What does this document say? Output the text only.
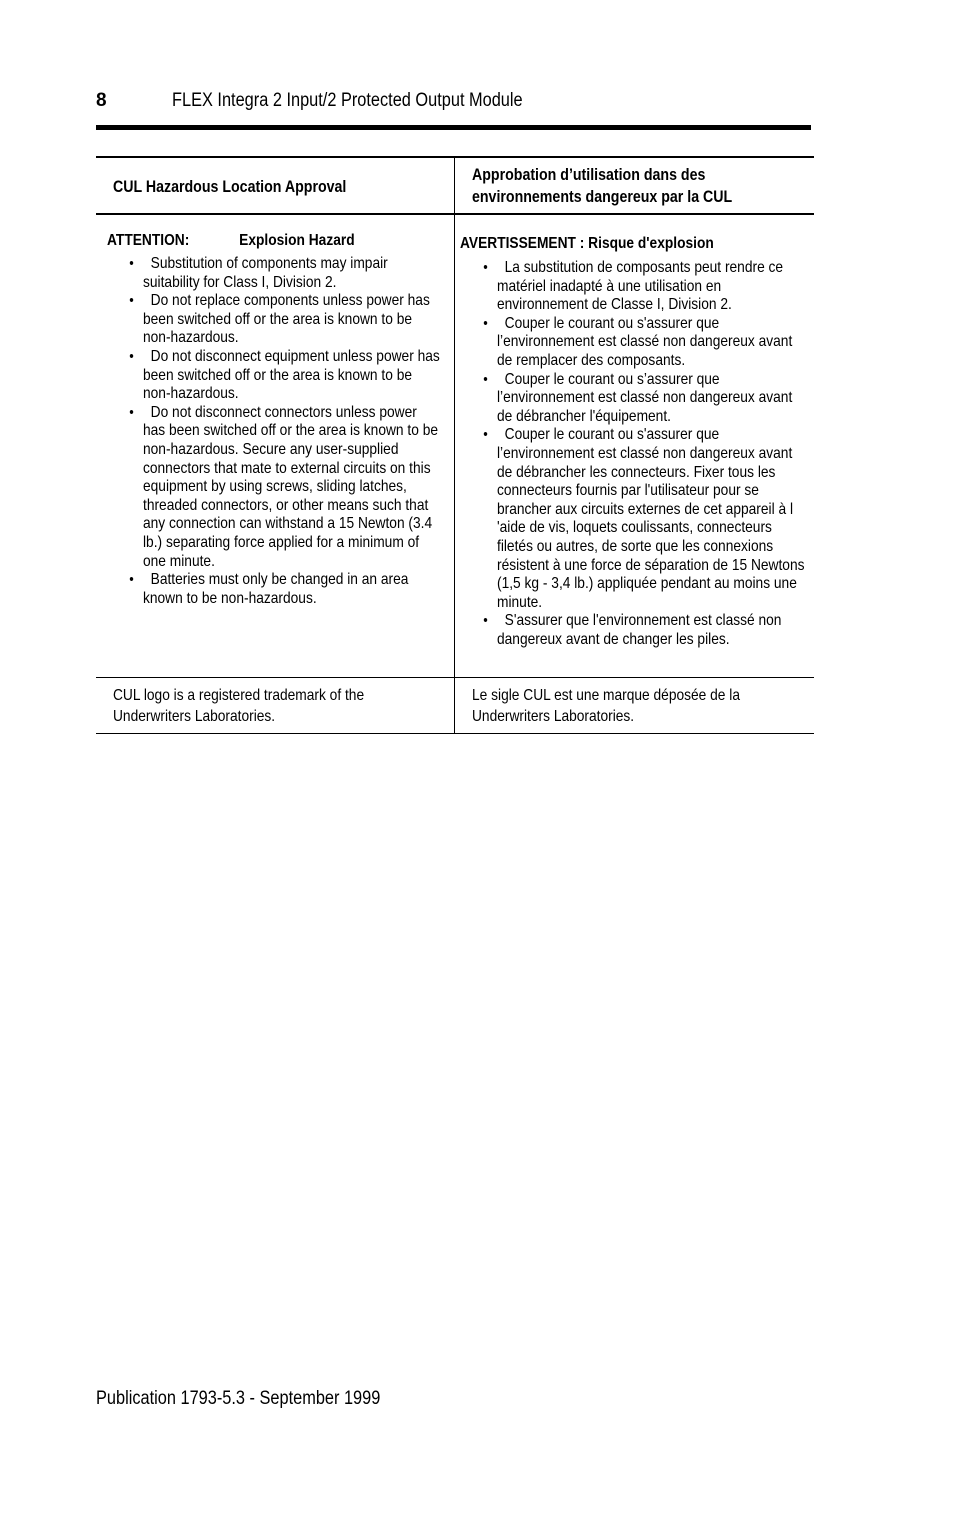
8	FLEX Integra 2 Input/2 Protected Output Module
CUL Hazardous Location Approval
Approbation d’utilisation dans des environnements dangereux par la CUL
ATTENTION:	Explosion Hazard
• Substitution of components may impair suitability for Class I, Division 2.
• Do not replace components unless power has been switched off or the area is known to be non-hazardous.
• Do not disconnect equipment unless power has been switched off or the area is known to be non-hazardous.
• Do not disconnect connectors unless power has been switched off or the area is known to be non-hazardous. Secure any user-supplied connectors that mate to external circuits on this equipment by using screws, sliding latches, threaded connectors, or other means such that any connection can withstand a 15 Newton (3.4 lb.) separating force applied for a minimum of one minute.
• Batteries must only be changed in an area known to be non-hazardous.
AVERTISSEMENT : Risque d'explosion
• La substitution de composants peut rendre ce matériel inadapté à une utilisation en environnement de Classe I, Division 2.
• Couper le courant ou s'assurer que l’environnement est classé non dangereux avant de remplacer des composants.
• Couper le courant ou s’assurer que l’environnement est classé non dangereux avant de débrancher l'équipement.
• Couper le courant ou s'assurer que l’environnement est classé non dangereux avant de débrancher les connecteurs. Fixer tous les connecteurs fournis par l'utilisateur pour se brancher aux circuits externes de cet appareil à l 'aide de vis, loquets coulissants, connecteurs filetés ou autres, de sorte que les connexions résistent à une force de séparation de 15 Newtons (1,5 kg - 3,4 lb.) appliquée pendant au moins une minute.
• S'assurer que l'environnement est classé non dangereux avant de changer les piles.
CUL logo is a registered trademark of the Underwriters Laboratories.
Le sigle CUL est une marque déposée de la Underwriters Laboratories.
Publication 1793-5.3 - September 1999
